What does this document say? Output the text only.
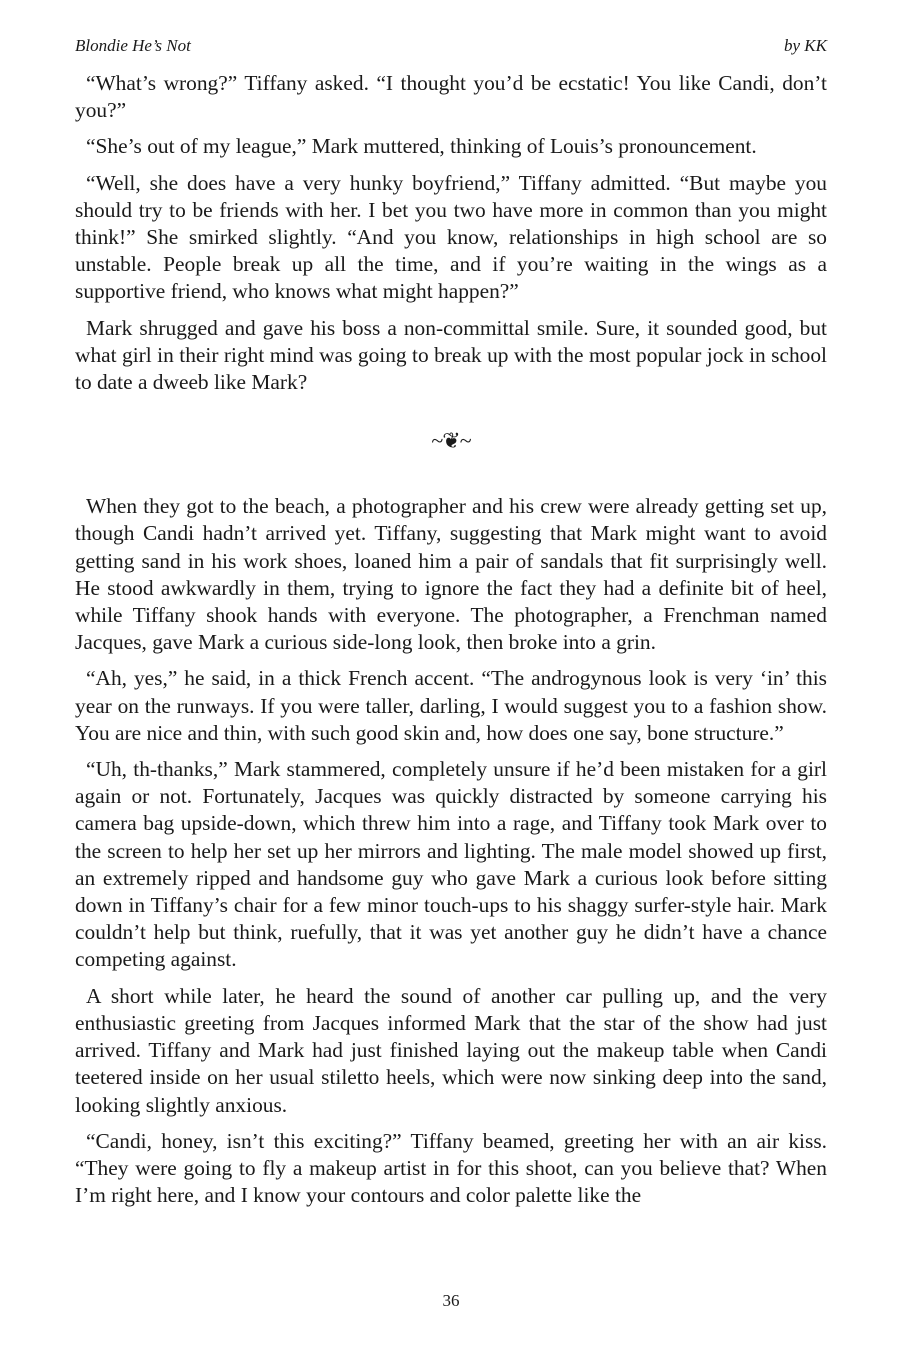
Blondie He’s Not	by KK

“What’s wrong?” Tiffany asked. “I thought you’d be ecstatic! You like Candi, don’t you?”

“She’s out of my league,” Mark muttered, thinking of Louis’s pronouncement.

“Well, she does have a very hunky boyfriend,” Tiffany admitted. “But maybe you should try to be friends with her. I bet you two have more in common than you might think!” She smirked slightly. “And you know, relationships in high school are so unstable. People break up all the time, and if you’re waiting in the wings as a supportive friend, who knows what might happen?”

Mark shrugged and gave his boss a non-committal smile. Sure, it sounded good, but what girl in their right mind was going to break up with the most popular jock in school to date a dweeb like Mark?

~❦~

When they got to the beach, a photographer and his crew were already getting set up, though Candi hadn’t arrived yet. Tiffany, suggesting that Mark might want to avoid getting sand in his work shoes, loaned him a pair of sandals that fit surprisingly well. He stood awkwardly in them, trying to ignore the fact they had a definite bit of heel, while Tiffany shook hands with everyone. The photographer, a Frenchman named Jacques, gave Mark a curious side-long look, then broke into a grin.

“Ah, yes,” he said, in a thick French accent. “The androgynous look is very ‘in’ this year on the runways. If you were taller, darling, I would suggest you to a fashion show. You are nice and thin, with such good skin and, how does one say, bone structure.”

“Uh, th-thanks,” Mark stammered, completely unsure if he’d been mistaken for a girl again or not. Fortunately, Jacques was quickly distracted by someone carrying his camera bag upside-down, which threw him into a rage, and Tiffany took Mark over to the screen to help her set up her mirrors and lighting. The male model showed up first, an extremely ripped and handsome guy who gave Mark a curious look before sitting down in Tiffany’s chair for a few minor touch-ups to his shaggy surfer-style hair. Mark couldn’t help but think, ruefully, that it was yet another guy he didn’t have a chance competing against.

A short while later, he heard the sound of another car pulling up, and the very enthusiastic greeting from Jacques informed Mark that the star of the show had just arrived. Tiffany and Mark had just finished laying out the makeup table when Candi teetered inside on her usual stiletto heels, which were now sinking deep into the sand, looking slightly anxious.

“Candi, honey, isn’t this exciting?” Tiffany beamed, greeting her with an air kiss. “They were going to fly a makeup artist in for this shoot, can you believe that? When I’m right here, and I know your contours and color palette like the

36
